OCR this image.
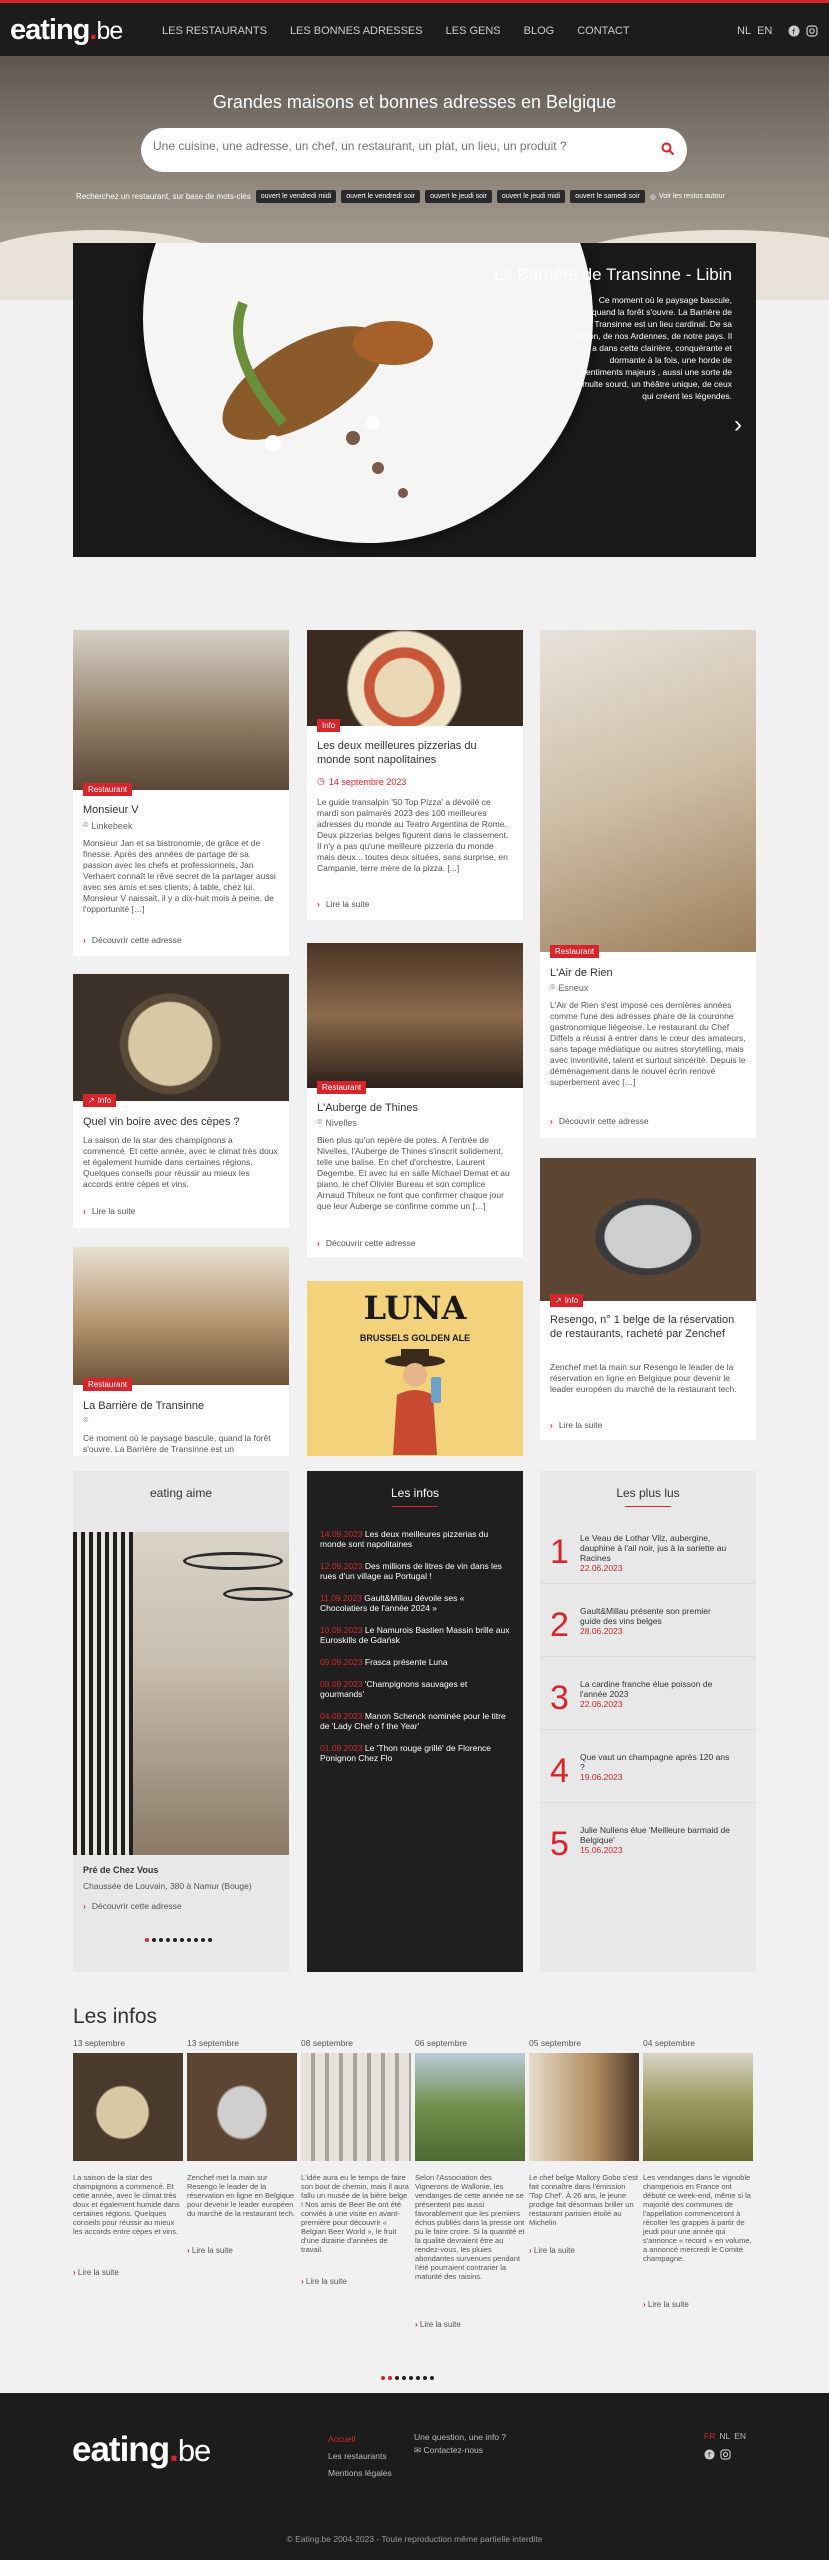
eating.be	LES RESTAURANTS LES BONNES ADRESSES LES GENS BLOG CONTACT	NL EN f
Grandes maisons et bonnes adresses en Belgique
Une cuisine, une adresse, un chef, un restaurant, un plat, un lieu, un produit ?
Recherchez un restaurant, sur base de mots-clés	ouvert le vendredi midi	ouvert le vendredi soir	ouvert le jeudi soir	ouvert le jeudi midi	ouvert le samedi soir	◎ Voir les restos autour
La Barrière de Transinne - Libin

Ce moment où le paysage bascule, quand la forêt s'ouvre. La Barrière de Transinne est un lieu cardinal. De sa région, de nos Ardennes, de notre pays. Il y a dans cette clairière, conquérante et dormante à la fois, une horde de sentiments majeurs , aussi une sorte de tumulte sourd, un théâtre unique, de ceux qui créent les légendes.

›
Restaurant
Monsieur V
⌾ Linkebeek

Monsieur Jan et sa bistronomie, de grâce et de finesse. Après des années de partage de sa passion avec les chefs et professionnels, Jan Verhaert connaît le rêve secret de la partager aussi avec ses amis et ses clients, à table, chez lui. Monsieur V naissait, il y a dix-huit mois à peine, de l'opportunité […]

› Découvrir cette adresse
Info
Les deux meilleures pizzerias du monde sont napolitaines
◷ 14 septembre 2023

Le guide transalpin '50 Top Pizza' a dévoilé ce mardi son palmarès 2023 des 100 meilleures adresses du monde au Teatro Argentina de Rome. Deux pizzerias belges figurent dans le classement. Il n'y a pas qu'une meilleure pizzeria du monde mais deux... toutes deux situées, sans surprise, en Campanie, terre mère de la pizza. [...]

› Lire la suite
Restaurant
L'Air de Rien
⌾ Esneux

L'Air de Rien s'est imposé ces dernières années comme l'une des adresses phare de la couronne gastronomique liégeoise. Le restaurant du Chef Diffels a réussi à entrer dans le cœur des amateurs, sans tapage médiatique ou autres storytelling, mais avec inventivité, talent et surtout sincérité. Depuis le déménagement dans le nouvel écrin renové superbement avec […]

› Découvrir cette adresse
↗ Info
Quel vin boire avec des cèpes ?

La saison de la star des champignons a commencé. Et cette année, avec le climat très doux et également humide dans certaines régions. Quelques conseils pour réussir au mieux les accords entre cèpes et vins.

› Lire la suite
Restaurant
L'Auberge de Thines
⌾ Nivelles

Bien plus qu'un repère de potes. À l'entrée de Nivelles, l'Auberge de Thines s'inscrit solidement, telle une balise. En chef d'orchestre, Laurent Degembe. Et avec lui en salle Michael Demat et au piano, le chef Olivier Bureau et son complice Arnaud Thiteux ne font que confirmer chaque jour que leur Auberge se confirme comme un […]

› Découvrir cette adresse
↗ Info
Resengo, n° 1 belge de la réservation de restaurants, racheté par Zenchef

Zenchef met la main sur Resengo le leader de la réservation en ligne en Belgique pour devenir le leader européen du marché de la restaurant tech.

› Lire la suite
Restaurant
La Barrière de Transinne
⌾

Ce moment où le paysage bascule, quand la forêt s'ouvre. La Barrière de Transinne est un

LUNA
BRUSSELS GOLDEN ALE
eating aime
Pré de Chez Vous
Chaussée de Louvain, 380 à Namur (Bouge)
› Découvrir cette adresse
Les infos
14.09.2023 Les deux meilleures pizzerias du monde sont napolitaines
12.09.2023 Des millions de litres de vin dans les rues d'un village au Portugal !
11.09.2023 Gault&Millau dévoile ses « Chocolatiers de l'année 2024 »
10.09.2023 Le Namurois Bastien Massin brille aux Euroskills de Gdańsk
09.09.2023 Frasca présente Luna
08.09.2023 'Champignons sauvages et gourmands'
04.09.2023 Manon Schenck nominée pour le titre de 'Lady Chef o f the Year'
01.09.2023 Le 'Thon rouge grillé' de Florence Ponignon Chez Flo
Les plus lus
1 Le Veau de Lothar Vilz, aubergine, dauphine à l'ail noir, jus à la sariette au Racines
22.06.2023
2 Gault&Millau présente son premier guide des vins belges
28.06.2023
3 La cardine franche élue poisson de l'année 2023
22.06.2023
4 Que vaut un champagne après 120 ans ?
19.06.2023
5 Julie Nullens élue 'Meilleure barmaid de Belgique'
15.06.2023
Les infos
13 septembre

La saison de la star des champignons a commencé. Et cette année, avec le climat très doux et également humide dans certaines régions. Quelques conseils pour réussir au mieux les accords entre cèpes et vins.

› Lire la suite
13 septembre

Zenchef met la main sur Resengo le leader de la réservation en ligne en Belgique pour devenir le leader européen du marché de la restaurant tech.

› Lire la suite
08 septembre

L'idée aura eu le temps de faire son bout de chemin, mais il aura fallu un musée de la bière belge ! Nos amis de Beer Be ont été conviés à une visite en avant-première pour découvrir « Belgian Beer World », le fruit d'une dizaine d'années de travail.

› Lire la suite
06 septembre

Selon l'Association des Vignerons de Wallonie, les vendanges de cette année ne se présentent pas aussi favorablement que les premiers échos publiés dans la presse ont pu le faire croire. Si la quantité et la qualité devraient être au rendez-vous, les pluies abondantes survenues pendant l'été pourraient contrarier la maturité des raisins.

› Lire la suite
05 septembre

Le chef belge Mallory Gobo s'est fait connaître dans l'émission 'Top Chef'. À 26 ans, le jeune prodige fait désormais briller un restaurant parisien étoilé au Michelin

› Lire la suite
04 septembre

Les vendanges dans le vignoble champenois en France ont débuté ce week-end, même si la majorité des communes de l'appellation commenceront à récolter les grappes à partir de jeudi pour une année qui s'annonce « record » en volume, a annoncé mercredi le Comité champagne.

› Lire la suite
eating.be	Accueil
Les restaurants
Mentions légales
Une question, une info ?
✉ Contactez-nous
FR NL EN
f
© Eating.be 2004-2023 - Toute reproduction même partielle interdite
